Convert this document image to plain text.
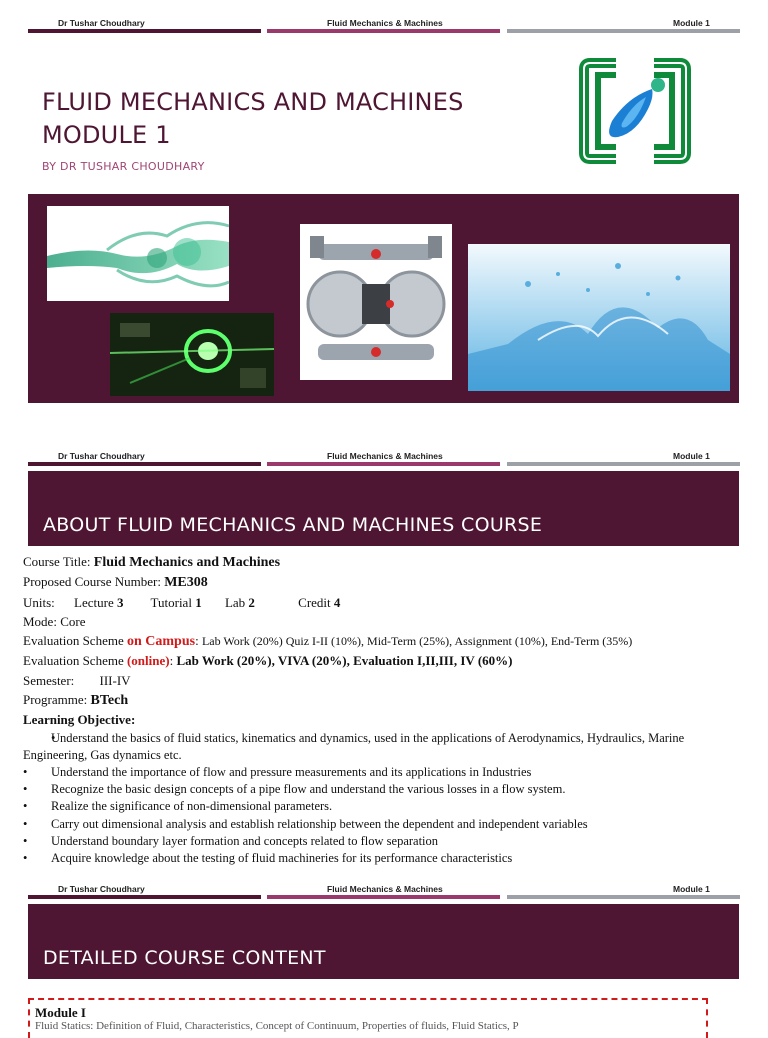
Dr Tushar Choudhary	Fluid Mechanics & Machines	Module 1
FLUID MECHANICS AND MACHINES
MODULE 1
BY DR TUSHAR CHOUDHARY
Dr Tushar Choudhary	Fluid Mechanics & Machines	Module 1
ABOUT FLUID MECHANICS AND MACHINES COURSE
Course Title: Fluid Mechanics and Machines
Proposed Course Number: ME308
Units: Lecture 3 Tutorial 1 Lab 2	Credit 4
Mode: Core
Evaluation Scheme on Campus: Lab Work (20%) Quiz I-II (10%), Mid-Term (25%), Assignment (10%), End-Term (35%)
Evaluation Scheme (online): Lab Work (20%), VIVA (20%), Evaluation I,II,III, IV (60%)
Semester: III-IV
Programme: BTech
Learning Objective:
• Understand the basics of fluid statics, kinematics and dynamics, used in the applications of Aerodynamics, Hydraulics, Marine Engineering, Gas dynamics etc.
• Understand the importance of flow and pressure measurements and its applications in Industries
• Recognize the basic design concepts of a pipe flow and understand the various losses in a flow system.
• Realize the significance of non-dimensional parameters.
• Carry out dimensional analysis and establish relationship between the dependent and independent variables
• Understand boundary layer formation and concepts related to flow separation
• Acquire knowledge about the testing of fluid machineries for its performance characteristics
Dr Tushar Choudhary	Fluid Mechanics & Machines	Module 1
DETAILED COURSE CONTENT
Module I
Fluid Statics: Definition of Fluid, Characteristics, Concept of Continuum, Properties of fluids, Fluid Statics, P
